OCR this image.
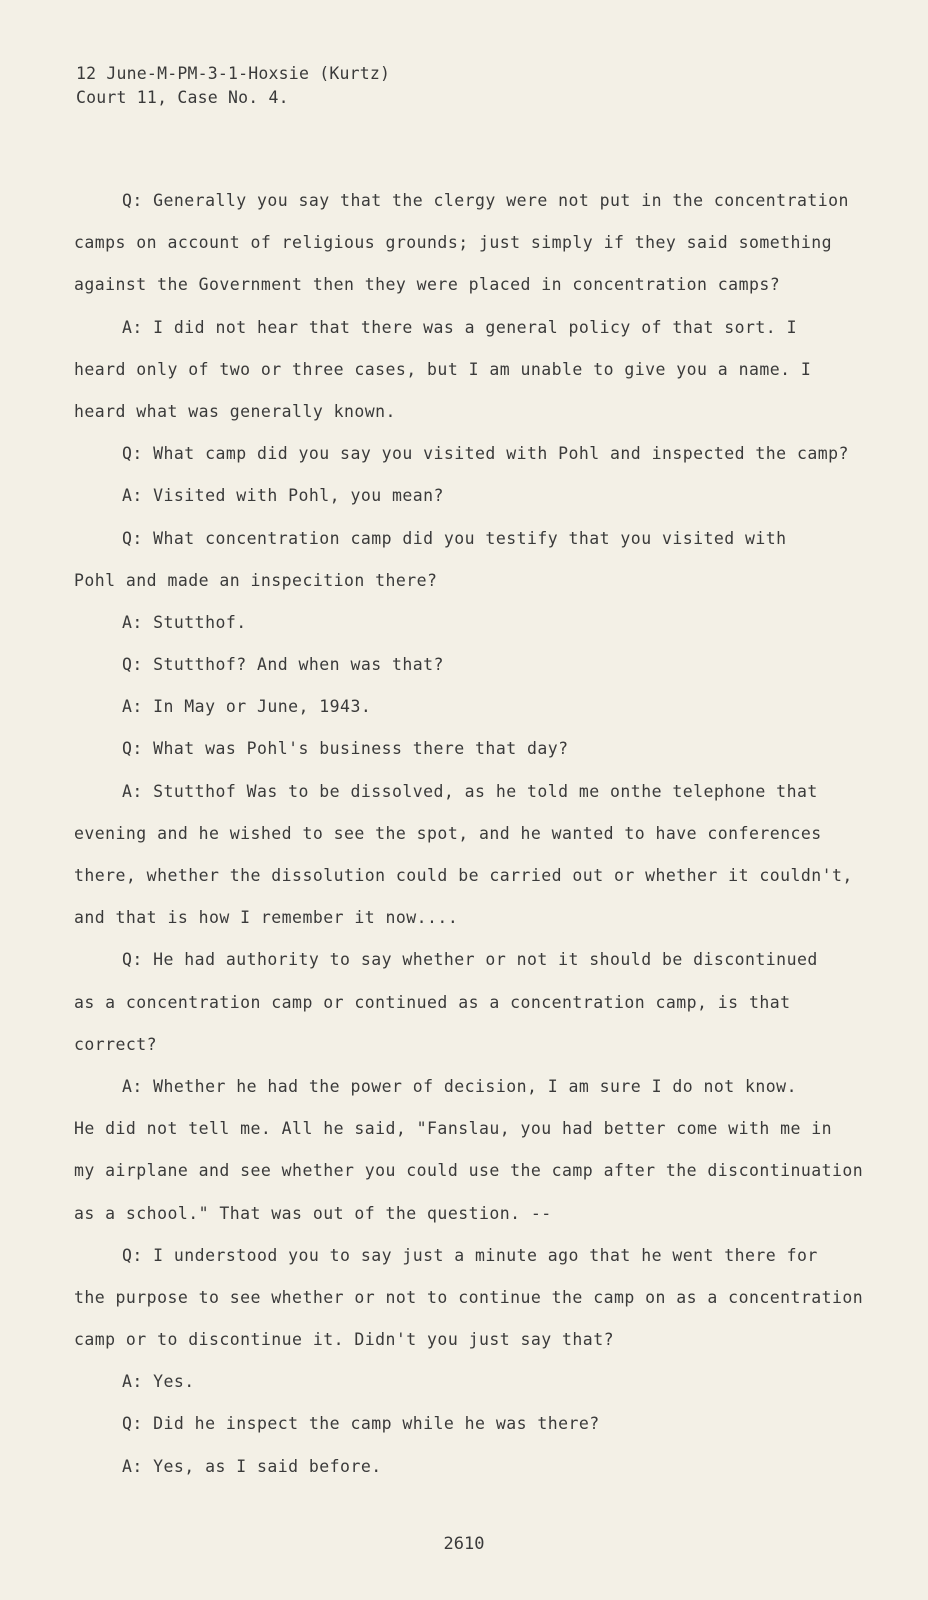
12 June-M-PM-3-1-Hoxsie (Kurtz)
Court 11, Case No. 4.
Q: Generally you say that the clergy were not put in the concentration
camps on account of religious grounds; just simply if they said something
against the Government then they were placed in concentration camps?
A: I did not hear that there was a general policy of that sort. I
heard only of two or three cases, but I am unable to give you a name. I
heard what was generally known.
Q: What camp did you say you visited with Pohl and inspected the camp?
A: Visited with Pohl, you mean?
Q: What concentration camp did you testify that you visited with
Pohl and made an inspecition there?
A: Stutthof.
Q: Stutthof? And when was that?
A: In May or June, 1943.
Q: What was Pohl's business there that day?
A: Stutthof Was to be dissolved, as he told me onthe telephone that
evening and he wished to see the spot, and he wanted to have conferences
there, whether the dissolution could be carried out or whether it couldn't,
and that is how I remember it now....
Q: He had authority to say whether or not it should be discontinued
as a concentration camp or continued as a concentration camp, is that
correct?
A: Whether he had the power of decision, I am sure I do not know.
He did not tell me. All he said, "Fanslau, you had better come with me in
my airplane and see whether you could use the camp after the discontinuation
as a school." That was out of the question. --
Q: I understood you to say just a minute ago that he went there for
the purpose to see whether or not to continue the camp on as a concentration
camp or to discontinue it. Didn't you just say that?
A: Yes.
Q: Did he inspect the camp while he was there?
A: Yes, as I said before.
2610
